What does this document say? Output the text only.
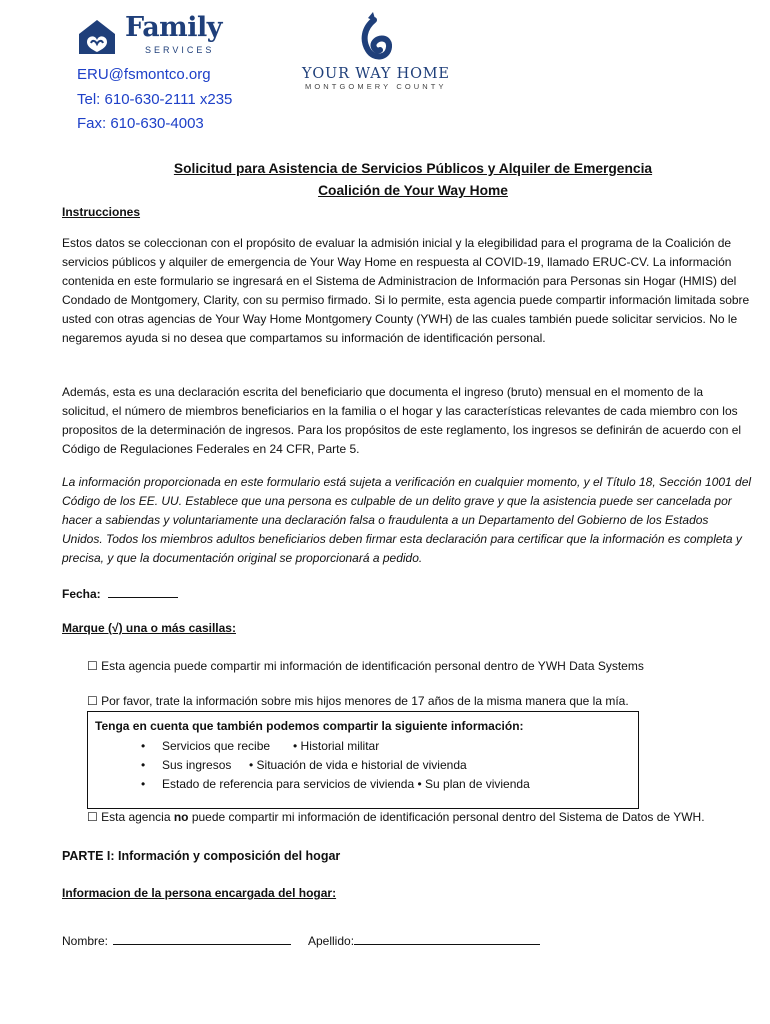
Family
SERVICES
YOUR WAY HOME
MONTGOMERY COUNTY
ERU@fsmontco.org
Tel: 610-630-2111 x235
Fax: 610-630-4003
Solicitud para Asistencia de Servicios Públicos y Alquiler de Emergencia
Coalición de Your Way Home
Instrucciones
Estos datos se coleccionan con el propósito de evaluar la admisión inicial y la elegibilidad para el programa de la Coalición de servicios públicos y alquiler de emergencia de Your Way Home en respuesta al COVID-19, llamado ERUC-CV. La información contenida en este formulario se ingresará en el Sistema de Administracion de Información para Personas sin Hogar (HMIS) del Condado de Montgomery, Clarity, con su permiso firmado. Si lo permite, esta agencia puede compartir información limitada sobre usted con otras agencias de Your Way Home Montgomery County (YWH) de las cuales también puede solicitar servicios. No le negaremos ayuda si no desea que compartamos su información de identificación personal.
Además, esta es una declaración escrita del beneficiario que documenta el ingreso (bruto) mensual en el momento de la solicitud, el número de miembros beneficiarios en la familia o el hogar y las características relevantes de cada miembro con los propositos de la determinación de ingresos. Para los propósitos de este reglamento, los ingresos se definirán de acuerdo con el Código de Regulaciones Federales en 24 CFR, Parte 5.
La información proporcionada en este formulario está sujeta a verificación en cualquier momento, y el Título 18, Sección 1001 del Código de los EE. UU. Establece que una persona es culpable de un delito grave y que la asistencia puede ser cancelada por hacer a sabiendas y voluntariamente una declaración falsa o fraudulenta a un Departamento del Gobierno de los Estados Unidos. Todos los miembros adultos beneficiarios deben firmar esta declaración para certificar que la información es completa y precisa, y que la documentación original se proporcionará a pedido.
Fecha:
Marque (√) una o más casillas:
☐ Esta agencia puede compartir mi información de identificación personal dentro de YWH Data Systems
☐ Por favor, trate la información sobre mis hijos menores de 17 años de la misma manera que la mía.
Tenga en cuenta que también podemos compartir la siguiente información:
• Servicios que recibe • Historial militar
• Sus ingresos • Situación de vida e historial de vivienda
• Estado de referencia para servicios de vivienda • Su plan de vivienda
☐ Esta agencia no puede compartir mi información de identificación personal dentro del Sistema de Datos de YWH.
PARTE I: Información y composición del hogar
Informacion de la persona encargada del hogar:
Nombre:	Apellido:
